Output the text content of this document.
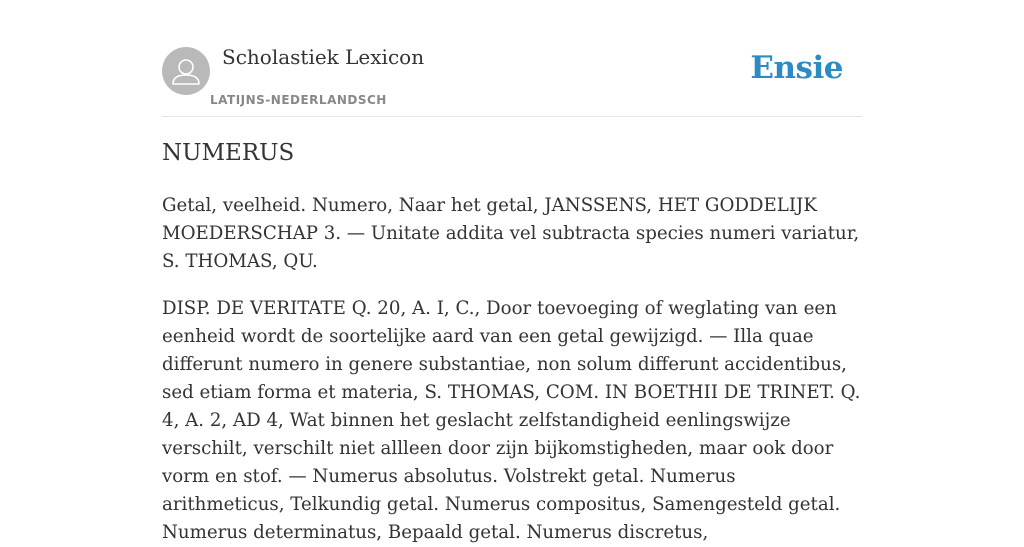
Scholastiek Lexicon
LATIJNS-NEDERLANDSCH
Ensie
NUMERUS

Getal, veelheid. Numero, Naar het getal, JANSSENS, HET GODDELIJK MOEDERSCHAP 3. — Unitate addita vel subtracta species numeri variatur, S. THOMAS, QU.

DISP. DE VERITATE Q. 20, A. I, C., Door toevoeging of weglating van een eenheid wordt de soortelijke aard van een getal gewijzigd. — Illa quae differunt numero in genere substantiae, non solum differunt accidentibus, sed etiam forma et materia, S. THOMAS, COM. IN BOETHII DE TRINET. Q. 4, A. 2, AD 4, Wat binnen het geslacht zelfstandigheid eenlingswijze verschilt, verschilt niet allleen door zijn bijkomstigheden, maar ook door vorm en stof. — Numerus absolutus. Volstrekt getal. Numerus arithmeticus, Telkundig getal. Numerus compositus, Samengesteld getal. Numerus determinatus, Bepaald getal. Numerus discretus,
